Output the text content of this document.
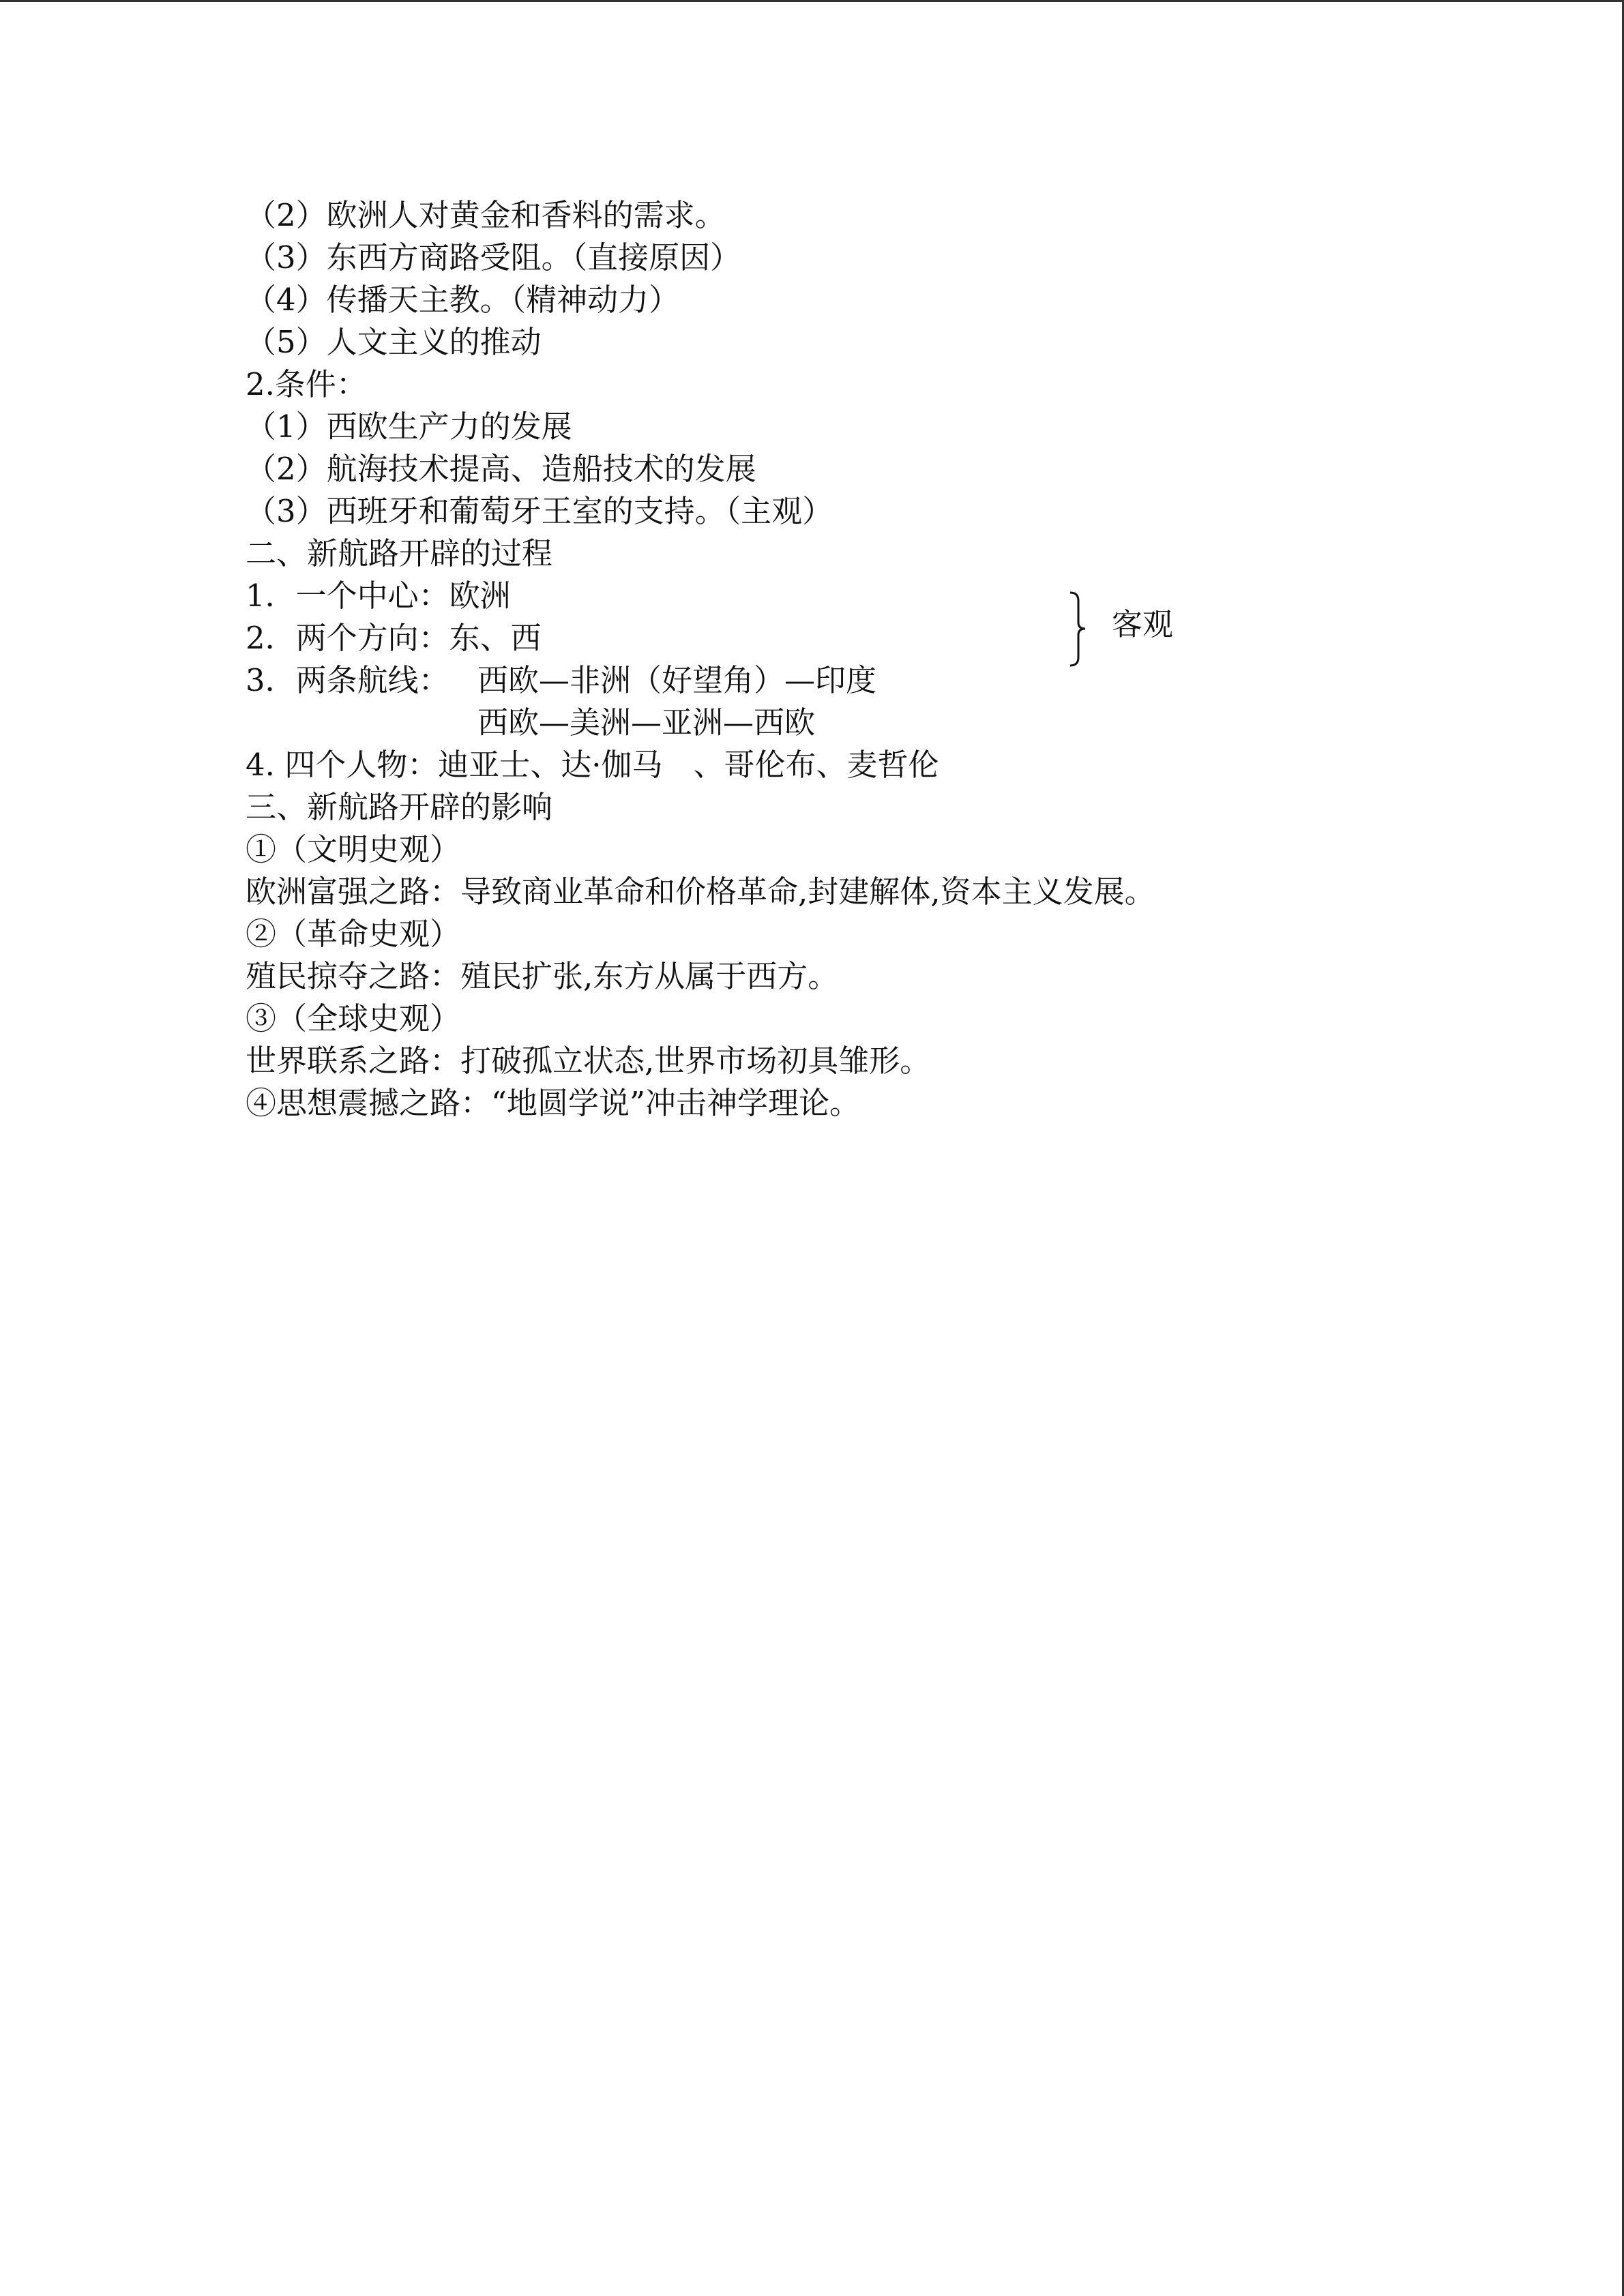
（2）欧洲人对黄金和香料的需求。
（3）东西方商路受阻。（直接原因）
（4）传播天主教。（精神动力）
（5）人文主义的推动
2.条件：
（1）西欧生产力的发展
（2）航海技术提高、造船技术的发展
客观
（3）西班牙和葡萄牙王室的支持。（主观）
二、新航路开辟的过程
1．一个中心：欧洲
2．两个方向：东、西
3．两条航线： 西欧—非洲（好望角）—印度
西欧—美洲—亚洲—西欧
4. 四个人物：迪亚士、达·伽马　、哥伦布、麦哲伦
三、新航路开辟的影响
①（文明史观）
欧洲富强之路：导致商业革命和价格革命,封建解体,资本主义发展。
②（革命史观）
殖民掠夺之路：殖民扩张,东方从属于西方。
③（全球史观）
世界联系之路：打破孤立状态,世界市场初具雏形。
④思想震撼之路：“地圆学说”冲击神学理论。
